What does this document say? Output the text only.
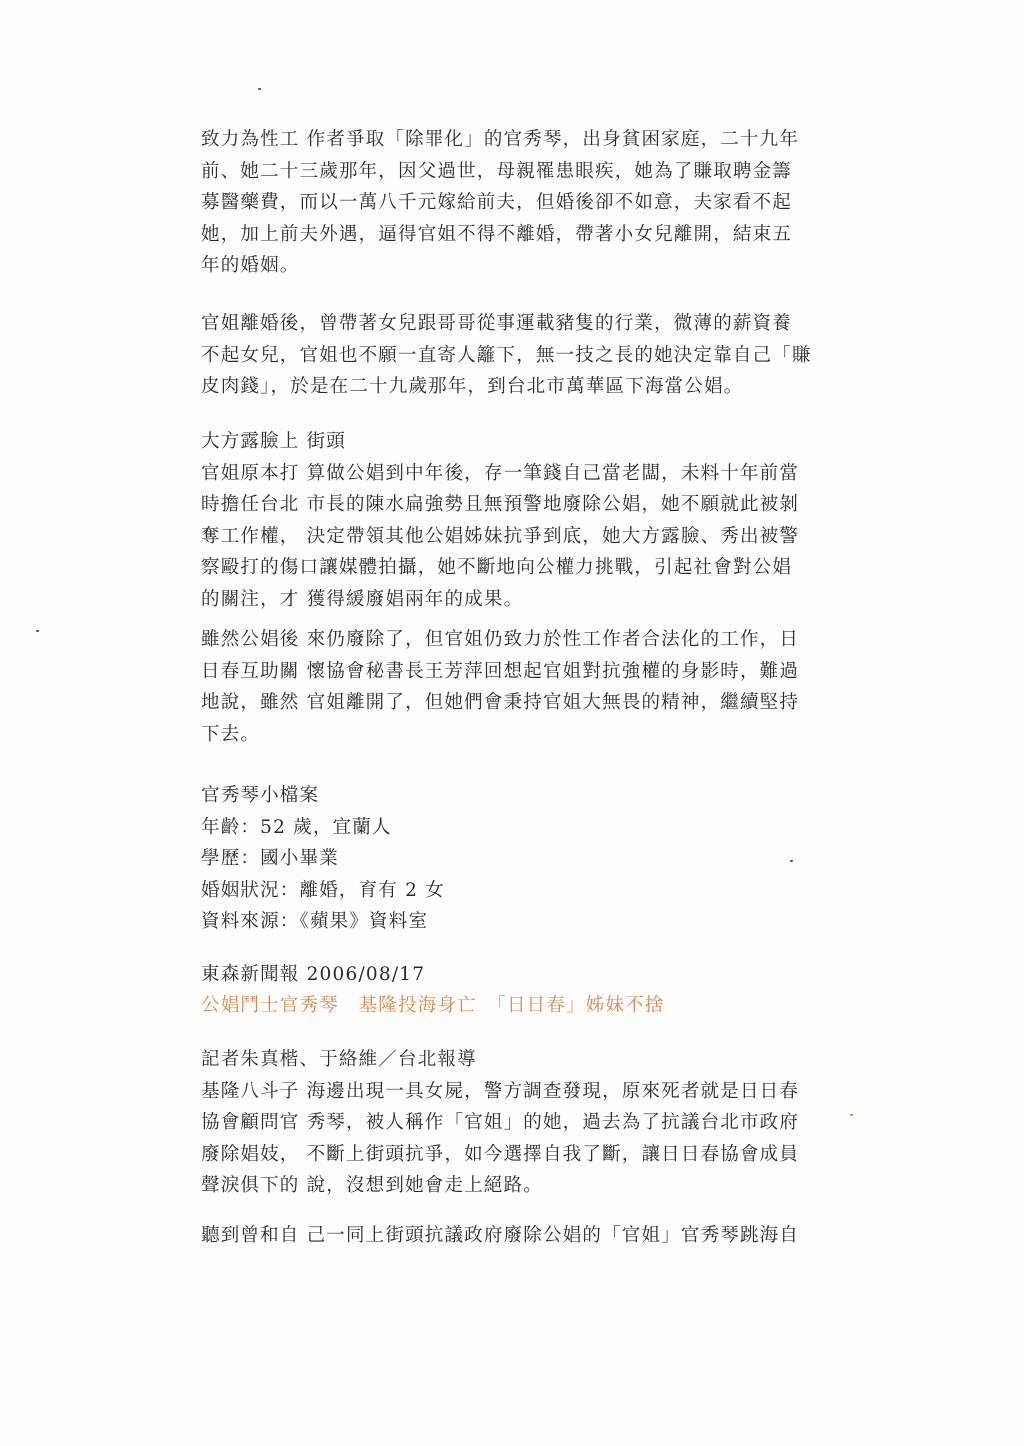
致力為性工 作者爭取「除罪化」的官秀琴，出身貧困家庭，二十九年
前、她二十三歲那年，因父過世，母親罹患眼疾，她為了賺取聘金籌
募醫藥費，而以一萬八千元嫁給前夫，但婚後卻不如意，夫家看不起
她，加上前夫外遇，逼得官姐不得不離婚，帶著小女兒離開，結束五
年的婚姻。

官姐離婚後，曾帶著女兒跟哥哥從事運載豬隻的行業，微薄的薪資養
不起女兒，官姐也不願一直寄人籬下，無一技之長的她決定靠自己「賺
皮肉錢」，於是在二十九歲那年，到台北市萬華區下海當公娼。

大方露臉上 街頭
官姐原本打 算做公娼到中年後，存一筆錢自己當老闆，未料十年前當
時擔任台北 市長的陳水扁強勢且無預警地廢除公娼，她不願就此被剝
奪工作權， 決定帶領其他公娼姊妹抗爭到底，她大方露臉、秀出被警
察毆打的傷口讓媒體拍攝，她不斷地向公權力挑戰，引起社會對公娼
的關注，才 獲得緩廢娼兩年的成果。

雖然公娼後 來仍廢除了，但官姐仍致力於性工作者合法化的工作，日
日春互助關 懷協會秘書長王芳萍回想起官姐對抗強權的身影時，難過
地說，雖然 官姐離開了，但她們會秉持官姐大無畏的精神，繼續堅持
下去。

官秀琴小檔案
年齡：52 歲，宜蘭人
學歷：國小畢業
婚姻狀況：離婚，育有 2 女
資料來源：《蘋果》資料室

東森新聞報 2006/08/17

公娼鬥士官秀琴　基隆投海身亡　「日日春」姊妹不捨

記者朱真楷、于絡維／台北報導
基隆八斗子 海邊出現一具女屍，警方調查發現，原來死者就是日日春
協會顧問官 秀琴，被人稱作「官姐」的她，過去為了抗議台北市政府
廢除娼妓， 不斷上街頭抗爭，如今選擇自我了斷，讓日日春協會成員
聲淚俱下的 說，沒想到她會走上絕路。

聽到曾和自 己一同上街頭抗議政府廢除公娼的「官姐」官秀琴跳海自
